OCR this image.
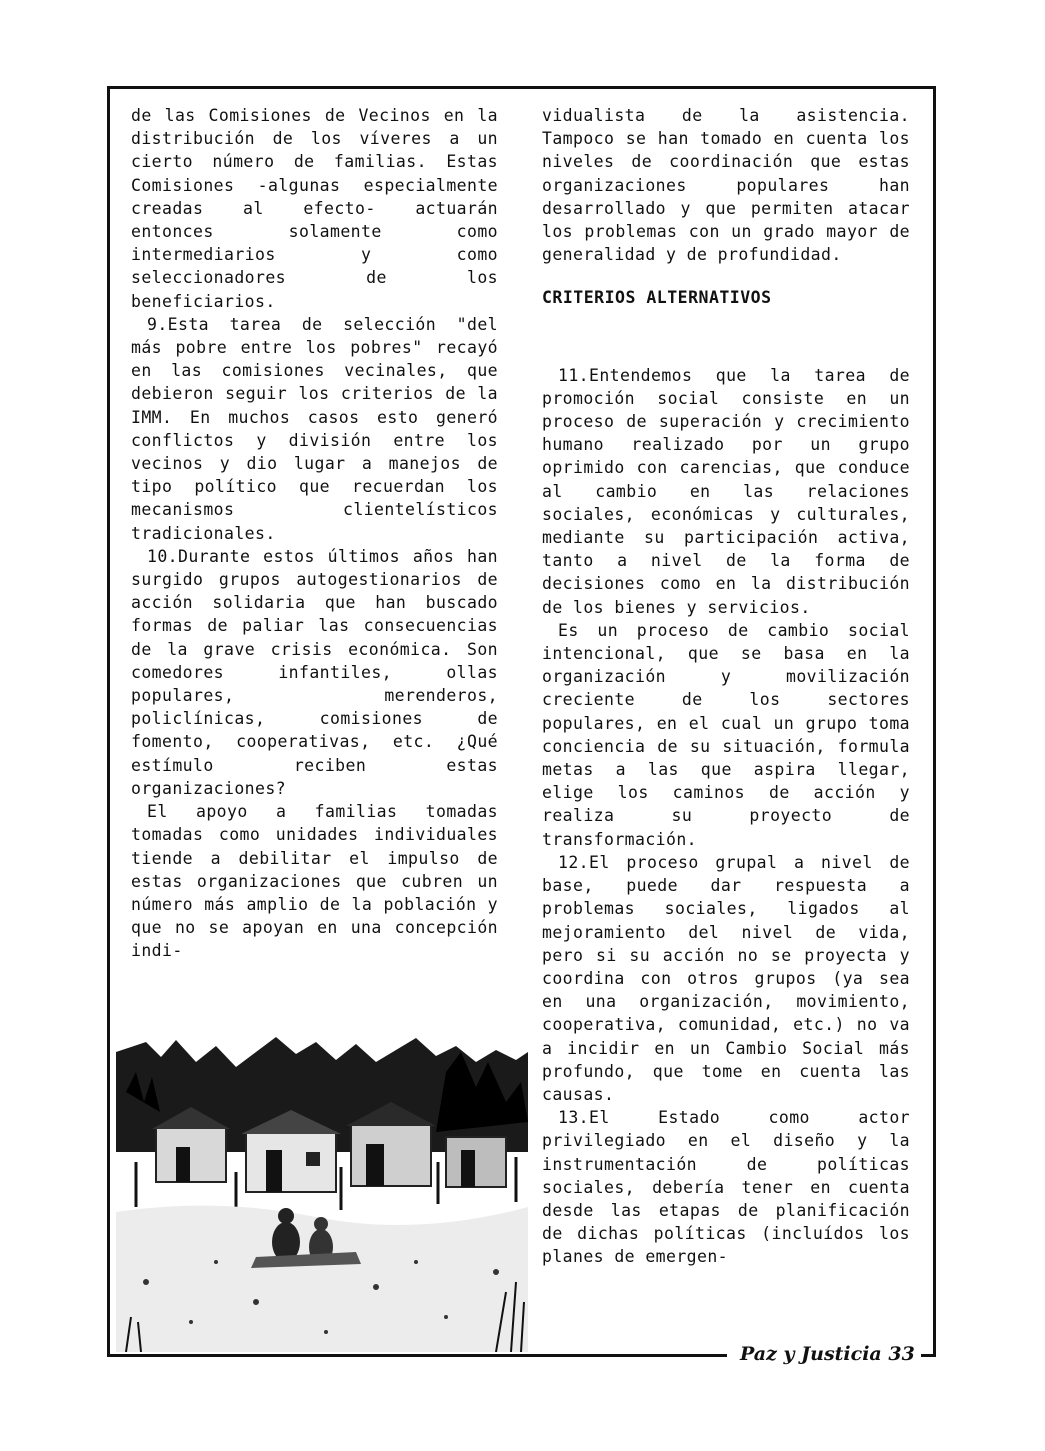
de las Comisiones de Vecinos en la distribución de los víveres a un cierto número de familias. Estas Comisiones -algunas especialmente creadas al efecto- actuarán entonces solamente como intermediarios y como seleccionadores de los beneficiarios.

9.Esta tarea de selección "del más pobre entre los pobres" recayó en las comisiones vecinales, que debieron seguir los criterios de la IMM. En muchos casos esto generó conflictos y división entre los vecinos y dio lugar a manejos de tipo político que recuerdan los mecanismos clientelísticos tradicionales.

10.Durante estos últimos años han surgido grupos autogestionarios de acción solidaria que han buscado formas de paliar las consecuencias de la grave crisis económica. Son comedores infantiles, ollas populares, merenderos, policlínicas, comisiones de fomento, cooperativas, etc. ¿Qué estímulo reciben estas organizaciones?

El apoyo a familias tomadas tomadas como unidades individuales tiende a debilitar el impulso de estas organizaciones que cubren un número más amplio de la población y que no se apoyan en una concepción indi-

vidualista de la asistencia. Tampoco se han tomado en cuenta los niveles de coordinación que estas organizaciones populares han desarrollado y que permiten atacar los problemas con un grado mayor de generalidad y de profundidad.

CRITERIOS ALTERNATIVOS

11.Entendemos que la tarea de promoción social consiste en un proceso de superación y crecimiento humano realizado por un grupo oprimido con carencias, que conduce al cambio en las relaciones sociales, económicas y culturales, mediante su participación activa, tanto a nivel de la forma de decisiones como en la distribución de los bienes y servicios.

Es un proceso de cambio social intencional, que se basa en la organización y movilización creciente de los sectores populares, en el cual un grupo toma conciencia de su situación, formula metas a las que aspira llegar, elige los caminos de acción y realiza su proyecto de transformación.

12.El proceso grupal a nivel de base, puede dar respuesta a problemas sociales, ligados al mejoramiento del nivel de vida, pero si su acción no se proyecta y coordina con otros grupos (ya sea en una organización, movimiento, cooperativa, comunidad, etc.) no va a incidir en un Cambio Social más profundo, que tome en cuenta las causas.

13.El Estado como actor privilegiado en el diseño y la instrumentación de políticas sociales, debería tener en cuenta desde las etapas de planificación de dichas políticas (incluídos los planes de emergen-

Paz y Justicia 33
